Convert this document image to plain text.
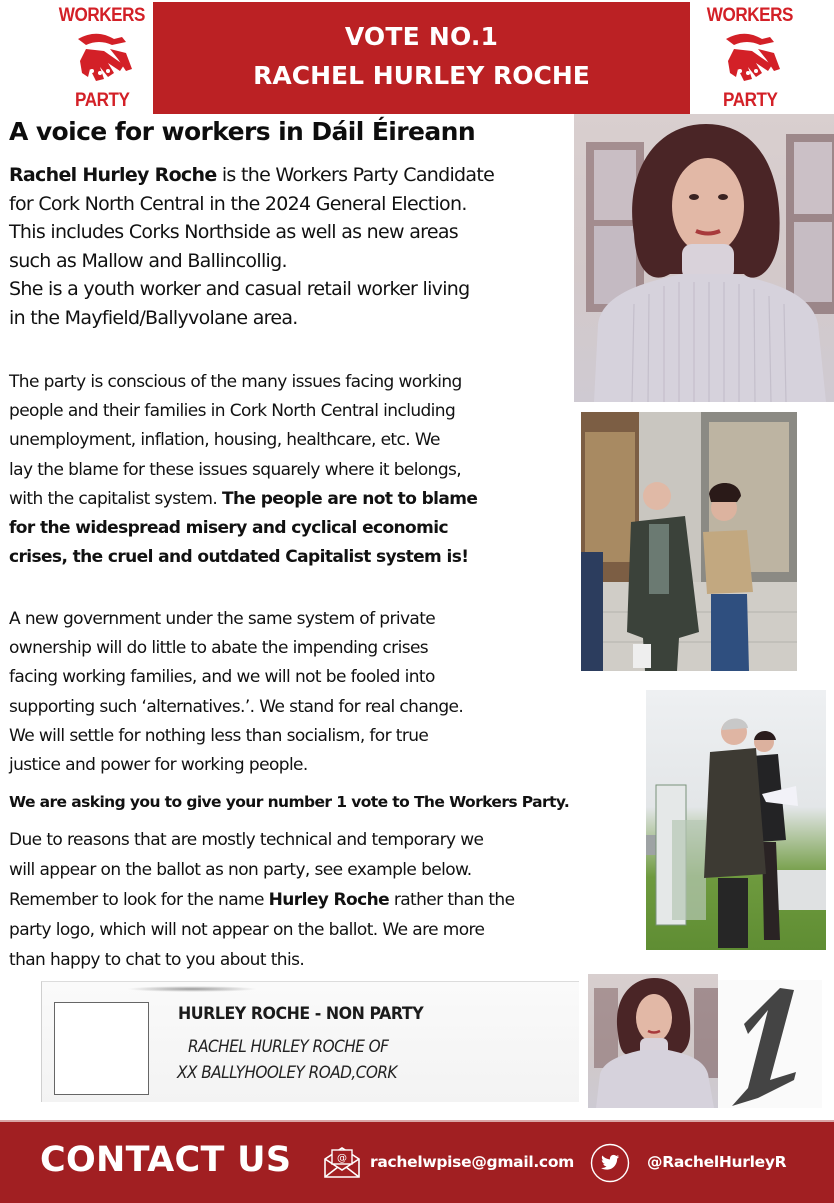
WORKERS
PARTY
VOTE NO.1
RACHEL HURLEY ROCHE
WORKERS
PARTY
A voice for workers in Dáil Éireann
Rachel Hurley Roche is the Workers Party Candidate
for Cork North Central in the 2024 General Election.
This includes Corks Northside as well as new areas
such as Mallow and Ballincollig.
She is a youth worker and casual retail worker living
in the Mayfield/Ballyvolane area.
The party is conscious of the many issues facing working
people and their families in Cork North Central including
unemployment, inflation, housing, healthcare, etc. We
lay the blame for these issues squarely where it belongs,
with the capitalist system. The people are not to blame
for the widespread misery and cyclical economic
crises, the cruel and outdated Capitalist system is!
A new government under the same system of private
ownership will do little to abate the impending crises
facing working families, and we will not be fooled into
supporting such ‘alternatives.’. We stand for real change.
We will settle for nothing less than socialism, for true
justice and power for working people.
We are asking you to give your number 1 vote to The Workers Party.
Due to reasons that are mostly technical and temporary we
will appear on the ballot as non party, see example below.
Remember to look for the name Hurley Roche rather than the
party logo, which will not appear on the ballot. We are more
than happy to chat to you about this.
HURLEY ROCHE - NON PARTY
RACHEL HURLEY ROCHE OF
XX BALLYHOOLEY ROAD,CORK
CONTACT US	@ rachelwpise@gmail.com	@RachelHurleyR
